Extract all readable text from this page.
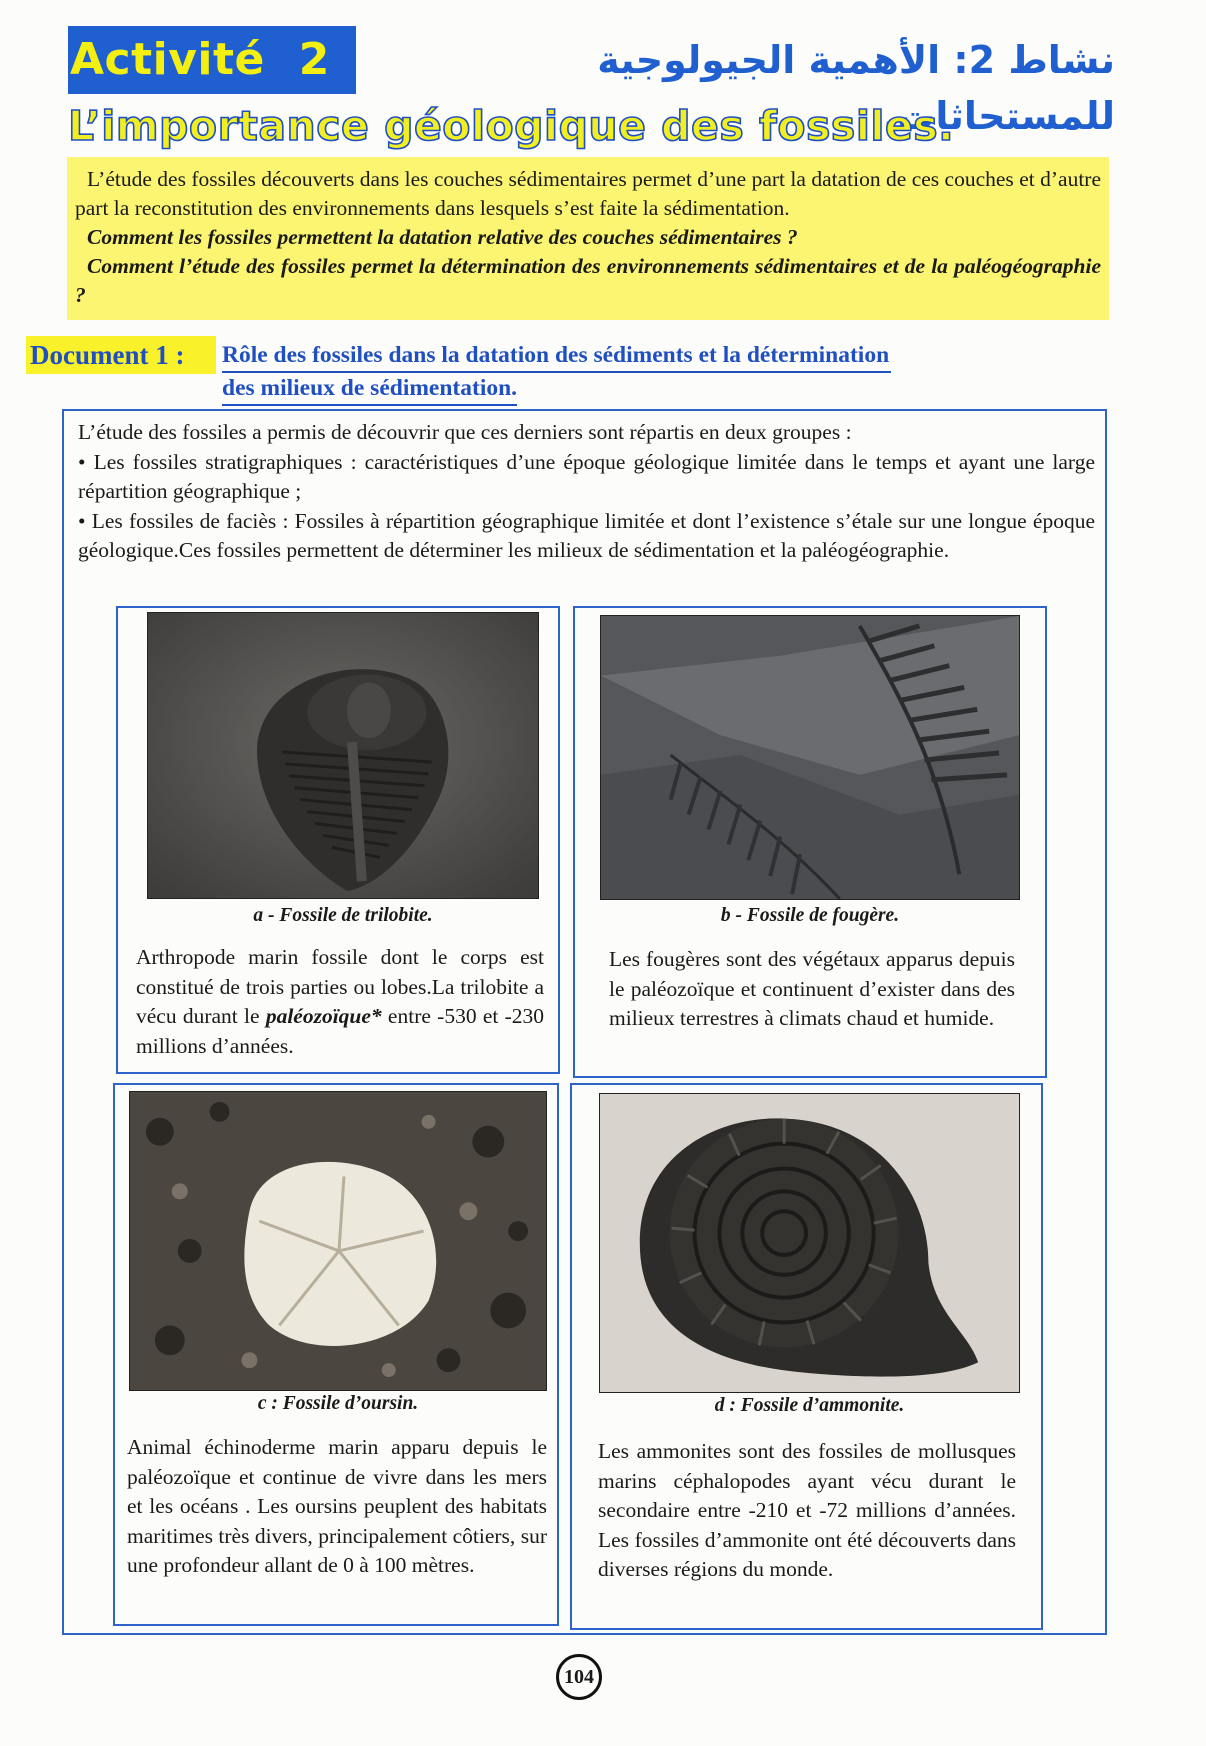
Activité 2	نشاط 2: الأهمية الجيولوجية للمستحاثات.
L’importance géologique des fossiles.

L’étude des fossiles découverts dans les couches sédimentaires permet d’une part la datation de ces couches et d’autre part la reconstitution des environnements dans lesquels s’est faite la sédimentation.

Comment les fossiles permettent la datation relative des couches sédimentaires ?

Comment l’étude des fossiles permet la détermination des environnements sédimentaires et de la paléogéographie ?

Document 1 :	Rôle des fossiles dans la datation des sédiments et la détermination
des milieux de sédimentation.

L’étude des fossiles a permis de découvrir que ces derniers sont répartis en deux groupes :

• Les fossiles stratigraphiques : caractéristiques d’une époque géologique limitée dans le temps et ayant une large répartition géographique ;

• Les fossiles de faciès : Fossiles à répartition géographique limitée et dont l’existence s’étale sur une longue époque géologique.Ces fossiles permettent de déterminer les milieux de sédimentation et la paléogéographie.

a - Fossile de trilobite.
Arthropode marin fossile dont le corps est constitué de trois parties ou lobes.La trilobite a vécu durant le paléozoïque* entre -530 et -230 millions d’années.
b - Fossile de fougère.
Les fougères sont des végétaux apparus depuis le paléozoïque et continuent d’exister dans des milieux terrestres à climats chaud et humide.
c : Fossile d’oursin.
Animal échinoderme marin apparu depuis le paléozoïque et continue de vivre dans les mers et les océans . Les oursins peuplent des habitats maritimes très divers, principalement côtiers, sur une profondeur allant de 0 à 100 mètres.
d : Fossile d’ammonite.
Les ammonites sont des fossiles de mollusques marins céphalopodes ayant vécu durant le secondaire entre -210 et -72 millions d’années. Les fossiles d’ammonite ont été découverts dans diverses régions du monde.
104
